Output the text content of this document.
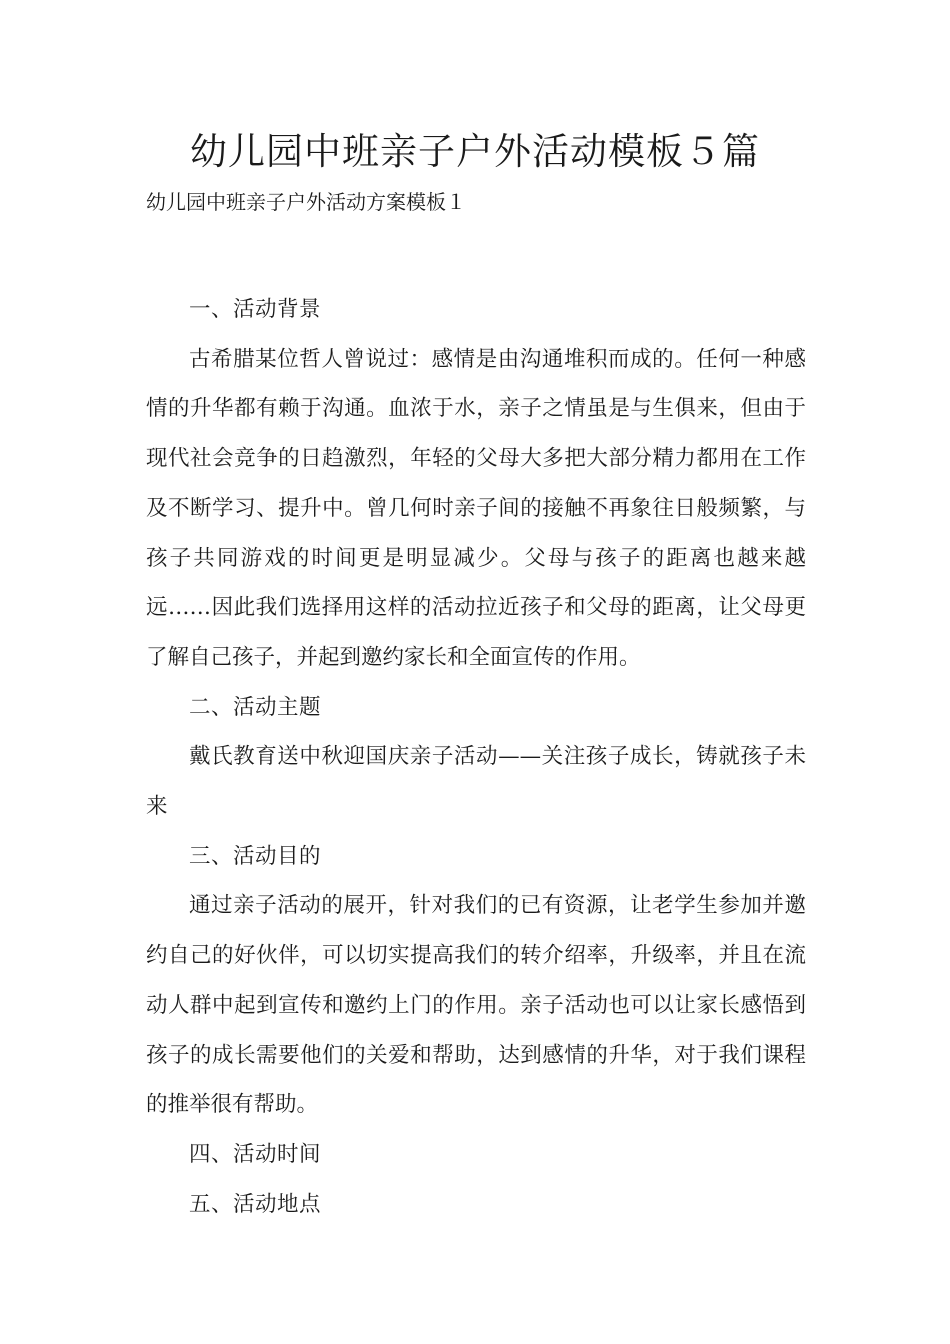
幼儿园中班亲子户外活动模板５篇

幼儿园中班亲子户外活动方案模板１

一、活动背景

古希腊某位哲人曾说过：感情是由沟通堆积而成的。任何一种感情的升华都有赖于沟通。血浓于水，亲子之情虽是与生俱来，但由于现代社会竞争的日趋激烈，年轻的父母大多把大部分精力都用在工作及不断学习、提升中。曾几何时亲子间的接触不再象往日般频繁，与孩子共同游戏的时间更是明显减少。父母与孩子的距离也越来越远……因此我们选择用这样的活动拉近孩子和父母的距离，让父母更了解自己孩子，并起到邀约家长和全面宣传的作用。

二、活动主题

戴氏教育送中秋迎国庆亲子活动——关注孩子成长，铸就孩子未来

三、活动目的

通过亲子活动的展开，针对我们的已有资源，让老学生参加并邀约自己的好伙伴，可以切实提高我们的转介绍率，升级率，并且在流动人群中起到宣传和邀约上门的作用。亲子活动也可以让家长感悟到孩子的成长需要他们的关爱和帮助，达到感情的升华，对于我们课程的推举很有帮助。

四、活动时间

五、活动地点
